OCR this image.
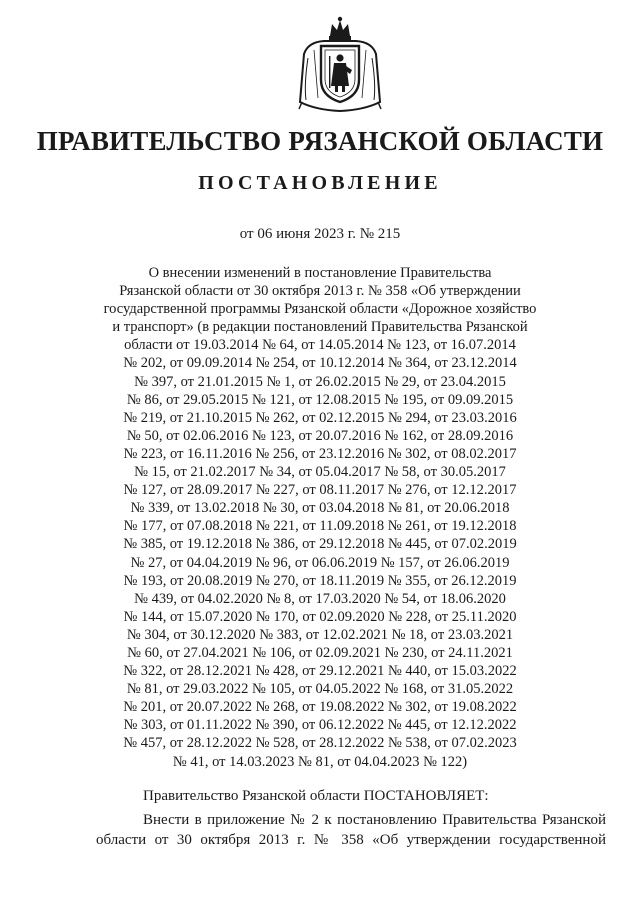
ПРАВИТЕЛЬСТВО РЯЗАНСКОЙ ОБЛАСТИ
ПОСТАНОВЛЕНИЕ
от 06 июня 2023 г. № 215
О внесении изменений в постановление Правительства
Рязанской области от 30 октября 2013 г. № 358 «Об утверждении
государственной программы Рязанской области «Дорожное хозяйство
и транспорт» (в редакции постановлений Правительства Рязанской
области от 19.03.2014 № 64, от 14.05.2014 № 123, от 16.07.2014
№ 202, от 09.09.2014 № 254, от 10.12.2014 № 364, от 23.12.2014
№ 397, от 21.01.2015 № 1, от 26.02.2015 № 29, от 23.04.2015
№ 86, от 29.05.2015 № 121, от 12.08.2015 № 195, от 09.09.2015
№ 219, от 21.10.2015 № 262, от 02.12.2015 № 294, от 23.03.2016
№ 50, от 02.06.2016 № 123, от 20.07.2016 № 162, от 28.09.2016
№ 223, от 16.11.2016 № 256, от 23.12.2016 № 302, от 08.02.2017
№ 15, от 21.02.2017 № 34, от 05.04.2017 № 58, от 30.05.2017
№ 127, от 28.09.2017 № 227, от 08.11.2017 № 276, от 12.12.2017
№ 339, от 13.02.2018 № 30, от 03.04.2018 № 81, от 20.06.2018
№ 177, от 07.08.2018 № 221, от 11.09.2018 № 261, от 19.12.2018
№ 385, от 19.12.2018 № 386, от 29.12.2018 № 445, от 07.02.2019
№ 27, от 04.04.2019 № 96, от 06.06.2019 № 157, от 26.06.2019
№ 193, от 20.08.2019 № 270, от 18.11.2019 № 355, от 26.12.2019
№ 439, от 04.02.2020 № 8, от 17.03.2020 № 54, от 18.06.2020
№ 144, от 15.07.2020 № 170, от 02.09.2020 № 228, от 25.11.2020
№ 304, от 30.12.2020 № 383, от 12.02.2021 № 18, от 23.03.2021
№ 60, от 27.04.2021 № 106, от 02.09.2021 № 230, от 24.11.2021
№ 322, от 28.12.2021 № 428, от 29.12.2021 № 440, от 15.03.2022
№ 81, от 29.03.2022 № 105, от 04.05.2022 № 168, от 31.05.2022
№ 201, от 20.07.2022 № 268, от 19.08.2022 № 302, от 19.08.2022
№ 303, от 01.11.2022 № 390, от 06.12.2022 № 445, от 12.12.2022
№ 457, от 28.12.2022 № 528, от 28.12.2022 № 538, от 07.02.2023
№ 41, от 14.03.2023 № 81, от 04.04.2023 № 122)
Правительство Рязанской области ПОСТАНОВЛЯЕТ:
Внести в приложение № 2 к постановлению Правительства Рязанской
области от 30 октября 2013 г. № 358 «Об утверждении государственной
